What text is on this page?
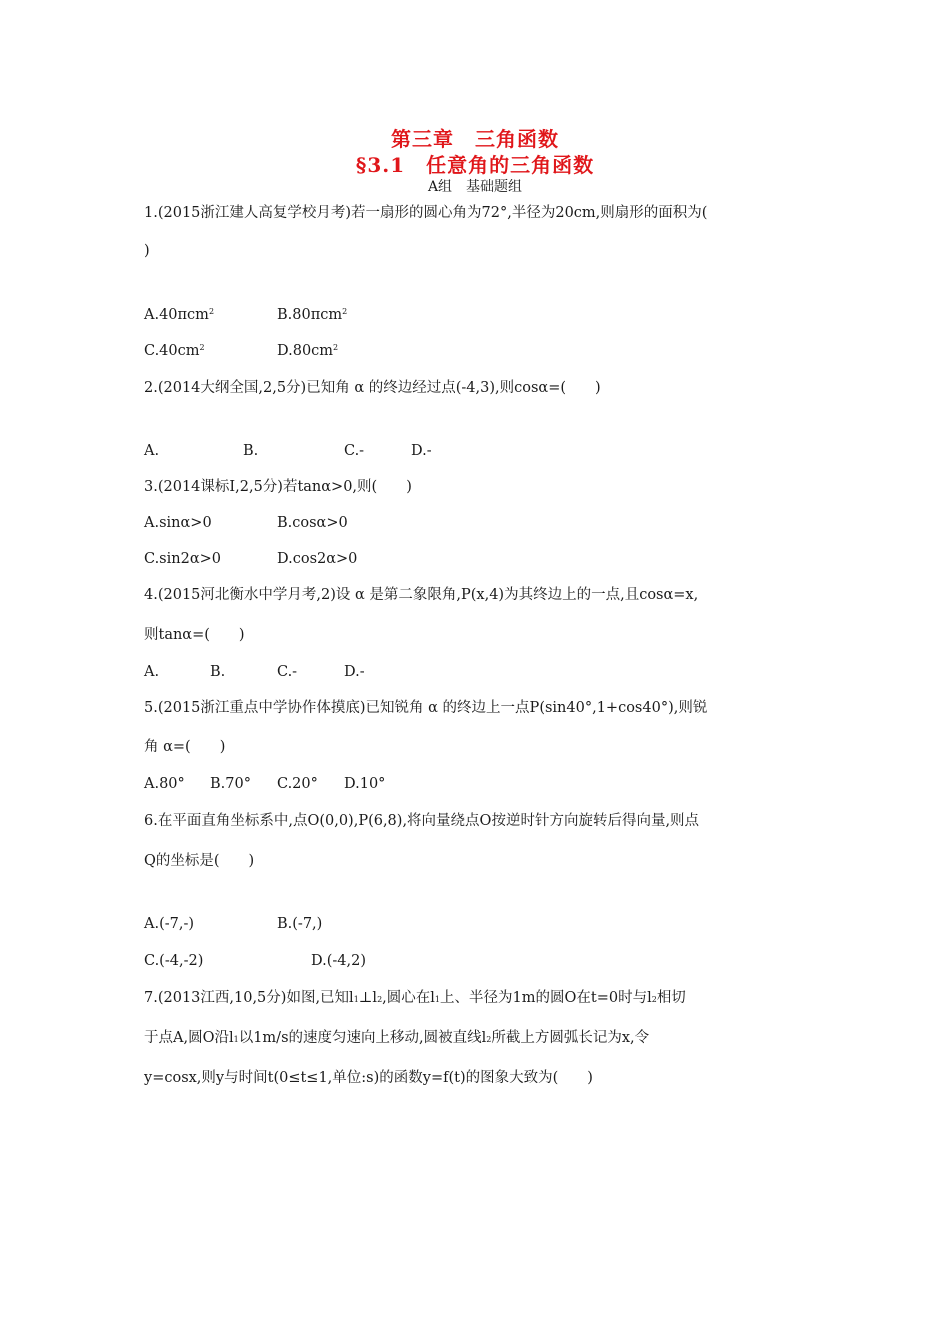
第三章　三角函数
§3.1　任意角的三角函数
A组　基础题组
1.(2015浙江建人高复学校月考)若一扇形的圆心角为72°,半径为20cm,则扇形的面积为(
)
A.40πcm$^2$	B.80πcm$^2$
$C.40cm^2$	$D.80cm^2$
2.(2014大纲全国,2,5分)已知角 α 的终边经过点(-4,3),则cosα=(　　)
A.	B.	C.-	D.-
3.(2014课标Ⅰ,2,5分)若tanα>0,则(　　)
A.sinα>0	B.cosα>0
C.sin2α>0	D.cos2α>0
4.(2015河北衡水中学月考,2)设 α 是第二象限角,P(x,4)为其终边上的一点,且cosα=x,
则tanα=(　　)
A.	B.	C.-	D.-
5.(2015浙江重点中学协作体摸底)已知锐角 α 的终边上一点P(sin40°,1+cos40°),则锐
角 α=(　　)
A.80° B.70° C.20° D.10°
6.在平面直角坐标系中,点O(0,0),P(6,8),将向量绕点O按逆时针方向旋转后得向量,则点
Q的坐标是(　　)
A.(-7,-)	B.(-7,)
C.(-4,-2)	D.(-4,2)
7.(2013江西,10,5分)如图,已知$l_1\perp l_2$,圆心在$l_1$上、半径为1m的圆O在t=0时与$l_2$相切
于点A,圆O沿$l_1$以1m/s的速度匀速向上移动,圆被直线$l_2$所截上方圆弧长记为x,令
y=cosx,则y与时间t(0≤t≤1,单位:s)的函数y=f(t)的图象大致为(　　)
